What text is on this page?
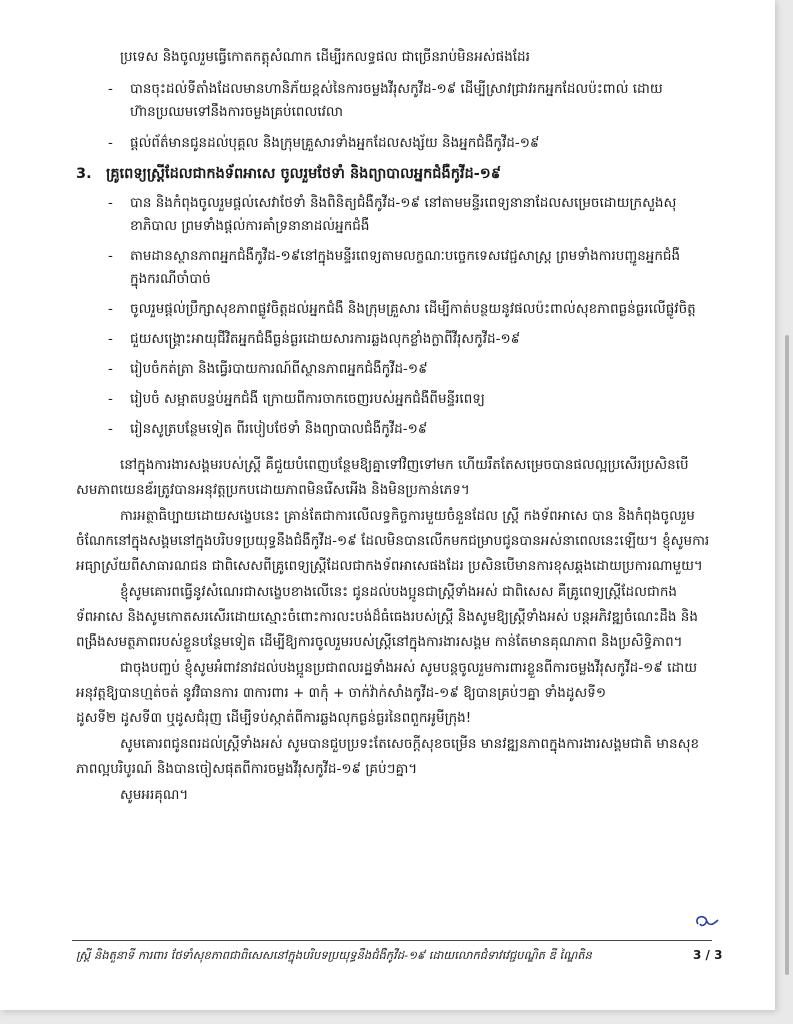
ប្រទេស និងចូលរួមធ្វើកោតកត្តុសំណាក ដើម្បីរកលទ្ធផល ជាច្រើនរាប់មិនអស់ផងដែរ
- បានចុះដល់ទីតាំងដែលមានហានិភ័យខ្ពស់នៃការចម្លងវីរុសកូវីដ-១៩ ដើម្បីស្រាវជ្រាវរកអ្នកដែលប៉ះពាល់ ដោយ
ហ៊ានប្រឈមទៅនឹងការចម្លងគ្រប់ពេលវេលា
- ផ្ដល់ព័ត៌មានជូនដល់បុគ្គល និងក្រុមគ្រួសារទាំងអ្នកដែលសង្ស័យ និងអ្នកជំងឺកូវីដ-១៩
3. គ្រូពេទ្យស្ត្រីដែលជាកងទ័ពអាសេ ចូលរួមថែទាំ និងព្យាបាលអ្នកជំងឺកូវីដ-១៩
- បាន និងកំពុងចូលរួមផ្ដល់សេវាថែទាំ និងពិនិត្យជំងឺកូវីដ-១៩ នៅតាមមន្ទីរពេទ្យនានាដែលសម្រេចដោយក្រសួងសុ
ខាភិបាល ព្រមទាំងផ្ដល់ការគាំទ្រនានាដល់អ្នកជំងឺ
- តាមដានស្ថានភាពអ្នកជំងឺកូវីដ-១៩នៅក្នុងមន្ទីរពេទ្យតាមលក្ខណៈបច្ចេកទេសវេជ្ជសាស្ត្រ ព្រមទាំងការបញ្ជូនអ្នកជំងឺ
ក្នុងករណីចាំបាច់
- ចូលរួមផ្ដល់ប្រឹក្សាសុខភាពផ្លូវចិត្តដល់អ្នកជំងឺ និងក្រុមគ្រួសារ ដើម្បីកាត់បន្ថយនូវផលប៉ះពាល់សុខភាពធ្ងន់ធ្ងរលើផ្លូវចិត្ត
- ជួយសង្គ្រោះអាយុជីវិតអ្នកជំងឺធ្ងន់ធ្ងរដោយសារការឆ្លងលុកខ្លាំងក្លាពីវីរុសកូវីដ-១៩
- រៀបចំកត់ត្រា និងធ្វើរបាយការណ៍ពីស្ថានភាពអ្នកជំងឺកូវីដ-១៩
- រៀបចំ សម្អាតបន្ទប់អ្នកជំងឺ ក្រោយពីការចាកចេញរបស់អ្នកជំងឺពីមន្ទីរពេទ្យ
- រៀនសូត្របន្ថែមទៀត ពីរបៀបថែទាំ និងព្យាបាលជំងឺកូវីដ-១៩
នៅក្នុងការងារសង្គមរបស់ស្ត្រី គឺជួយបំពេញបន្ថែមឱ្យគ្នាទៅវិញទៅមក ហើយរឹតតែសម្រេចបានផលល្អប្រសើរប្រសិនបើ
សមភាពយេនឌ័រត្រូវបានអនុវត្តប្រកបដោយភាពមិនរើសអើង និងមិនប្រកាន់ភេទ។
ការអត្ថាធិប្បាយដោយសង្ខេបនេះ គ្រាន់តែជាការលើលទ្ធកិច្ចការមួយចំនួនដែល ស្ត្រី កងទ័ពអាសេ បាន និងកំពុងចូលរួម
ចំណែកនៅក្នុងសង្គមនៅក្នុងបរិបទប្រយុទ្ធនឹងជំងឺកូវីដ-១៩ ដែលមិនបានលើកមកជម្រាបជូនបានអស់នាពេលនេះឡើយ។ ខ្ញុំសូមការ
អធ្យាស្រ័យពីសាធារណជន ជាពិសេសពីគ្រូពេទ្យស្ត្រីដែលជាកងទ័ពអាសេផងដែរ ប្រសិនបើមានការខុសឆ្គងដោយប្រការណាមួយ។
ខ្ញុំសូមគោរពធ្វើនូវសំណេរជាសង្ខេបខាងលើនេះ ជូនដល់បងប្អូនជាស្ត្រីទាំងអស់ ជាពិសេស គឺគ្រូពេទ្យស្ត្រីដែលជាកង
ទ័ពអាសេ និងសូមកោតសរសើរដោយស្មោះចំពោះការលះបង់ដ៏ធំធេងរបស់ស្ត្រី និងសូមឱ្យស្ត្រីទាំងអស់ បន្តអភិវឌ្ឍចំណេះដឹង និង
ពង្រឹងសមត្ថភាពរបស់ខ្លួនបន្ថែមទៀត ដើម្បីឱ្យការចូលរួមរបស់ស្ត្រីនៅក្នុងការងារសង្គម កាន់តែមានគុណភាព និងប្រសិទ្ធិភាព។
ជាចុងបញ្ចប់ ខ្ញុំសូមអំពាវនាវដល់បងប្អូនប្រជាពលរដ្ឋទាំងអស់ សូមបន្តចូលរួមការពារខ្លួនពីការចម្លងវីរុសកូវីដ-១៩ ដោយ
អនុវត្តឱ្យបានហ្មត់ចត់ នូវវិធានការ ៣ការពារ + ៣កុំ + ចាក់វ៉ាក់សាំងកូវីដ-១៩ ឱ្យបានគ្រប់ៗគ្នា ទាំងដូសទី១
ដូសទី២ ដូសទី៣ ឬដូសជំរុញ ដើម្បីទប់ស្កាត់ពីការឆ្លងលុកធ្ងន់ធ្ងរនៃពពួកអូមីក្រុង!
សូមគោរពជូនពរដល់ស្ត្រីទាំងអស់ សូមបានជួបប្រទះតែសេចក្ដីសុខចម្រើន មានវឌ្ឍនភាពក្នុងការងារសង្គមជាតិ មានសុខ
ភាពល្អបរិបូរណ៍ និងបានចៀសផុតពីការចម្លងវីរុសកូវីដ-១៩ គ្រប់ៗគ្នា។
សូមអរគុណ។
ស្ត្រី និងតួនាទី ការពារ ថែទាំសុខភាពជាពិសេសនៅក្នុងបរិបទប្រយុទ្ធនឹងជំងឺកូវីដ-១៩ ដោយលោកជំទាវវេជ្ជបណ្ឌិត ឌី ណៃ្ឌតិន	3 / 3
